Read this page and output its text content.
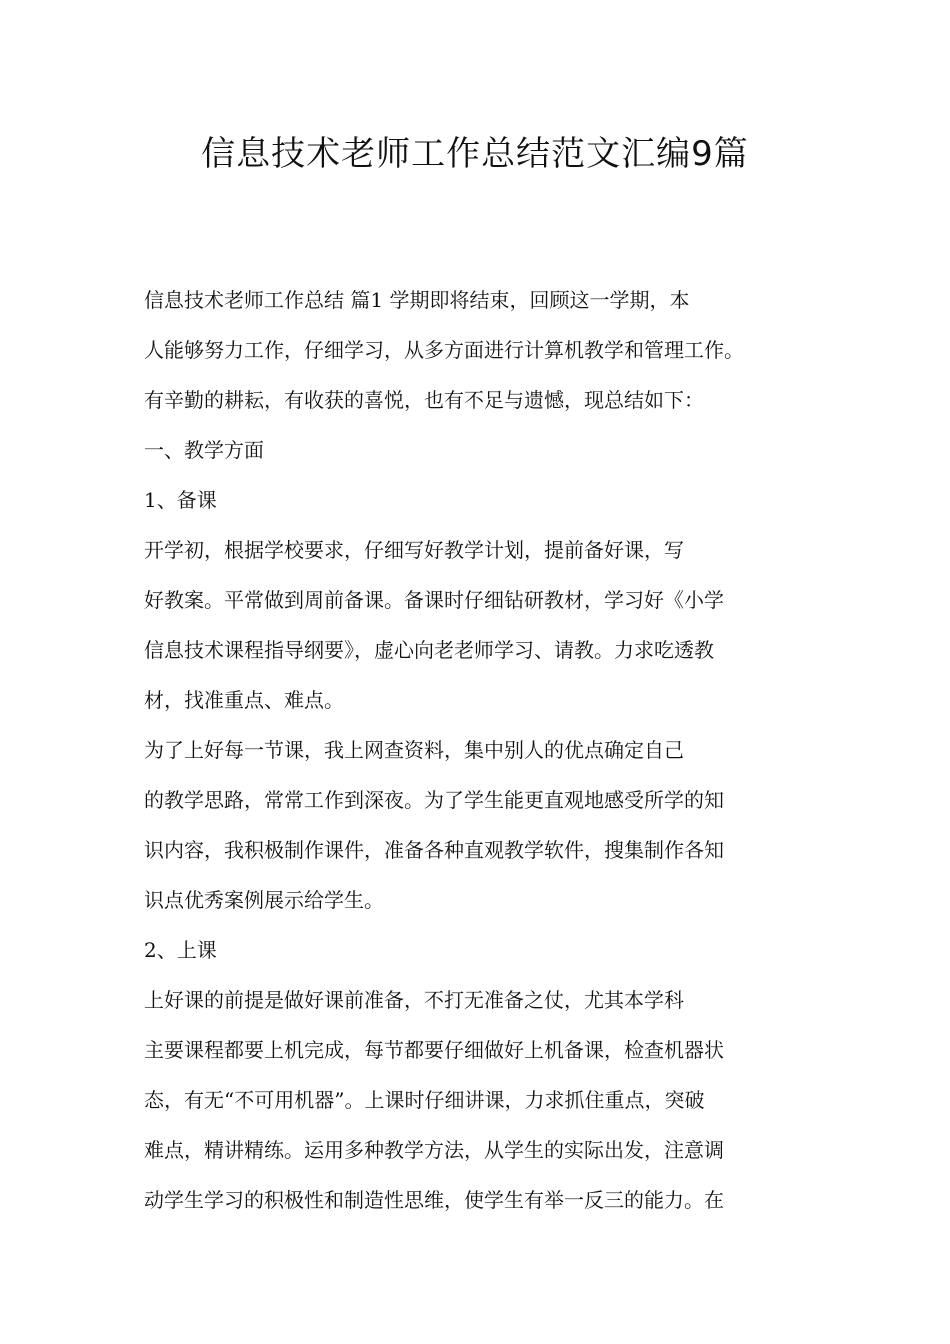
信息技术老师工作总结范文汇编9篇
信息技术老师工作总结 篇1 学期即将结束，回顾这一学期，本
人能够努力工作，仔细学习，从多方面进行计算机教学和管理工作。
有辛勤的耕耘，有收获的喜悦，也有不足与遗憾，现总结如下：
一、教学方面
1、备课
开学初，根据学校要求，仔细写好教学计划，提前备好课，写
好教案。平常做到周前备课。备课时仔细钻研教材，学习好《小学
信息技术课程指导纲要》，虚心向老老师学习、请教。力求吃透教
材，找准重点、难点。
为了上好每一节课，我上网查资料，集中别人的优点确定自己
的教学思路，常常工作到深夜。为了学生能更直观地感受所学的知
识内容，我积极制作课件，准备各种直观教学软件，搜集制作各知
识点优秀案例展示给学生。
2、上课
上好课的前提是做好课前准备，不打无准备之仗，尤其本学科
主要课程都要上机完成，每节都要仔细做好上机备课，检查机器状
态，有无“不可用机器”。上课时仔细讲课，力求抓住重点，突破
难点，精讲精练。运用多种教学方法，从学生的实际出发，注意调
动学生学习的积极性和制造性思维，使学生有举一反三的能力。在
